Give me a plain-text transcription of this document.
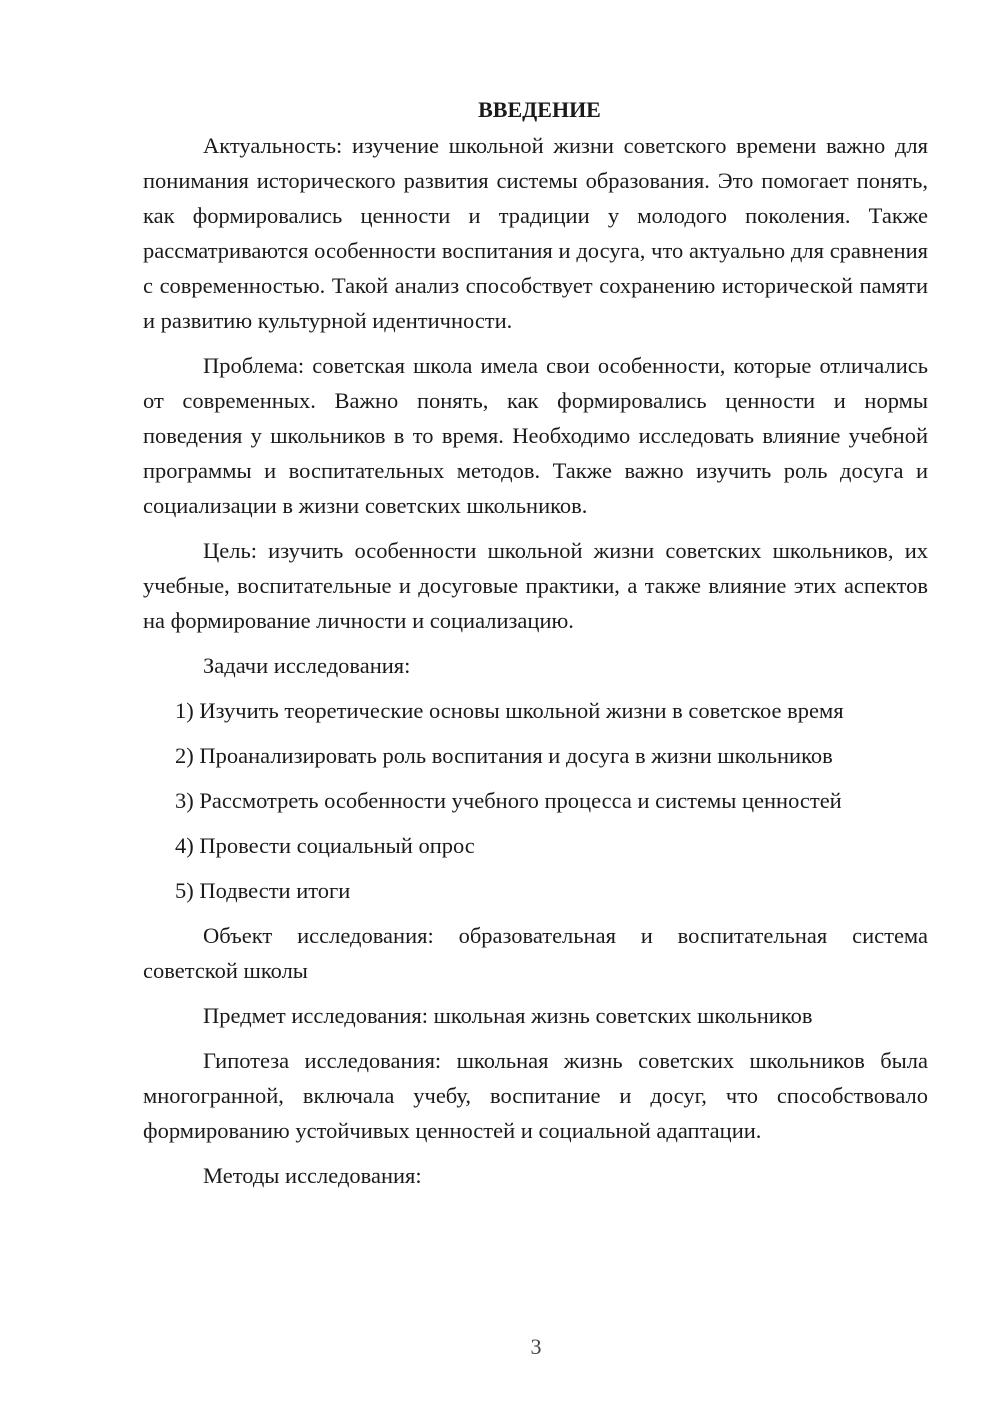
ВВЕДЕНИЕ

Актуальность: изучение школьной жизни советского времени важно для понимания исторического развития системы образования. Это помогает понять, как формировались ценности и традиции у молодого поколения. Также рассматриваются особенности воспитания и досуга, что актуально для сравнения с современностью. Такой анализ способствует сохранению исторической памяти и развитию культурной идентичности.

Проблема: советская школа имела свои особенности, которые отличались от современных. Важно понять, как формировались ценности и нормы поведения у школьников в то время. Необходимо исследовать влияние учебной программы и воспитательных методов. Также важно изучить роль досуга и социализации в жизни советских школьников.

Цель: изучить особенности школьной жизни советских школьников, их учебные, воспитательные и досуговые практики, а также влияние этих аспектов на формирование личности и социализацию.

Задачи исследования:

1) Изучить теоретические основы школьной жизни в советское время

2) Проанализировать роль воспитания и досуга в жизни школьников

3) Рассмотреть особенности учебного процесса и системы ценностей

4) Провести социальный опрос

5) Подвести итоги

Объект исследования: образовательная и воспитательная система советской школы

Предмет исследования: школьная жизнь советских школьников

Гипотеза исследования: школьная жизнь советских школьников была многогранной, включала учебу, воспитание и досуг, что способствовало формированию устойчивых ценностей и социальной адаптации.

Методы исследования:

3
